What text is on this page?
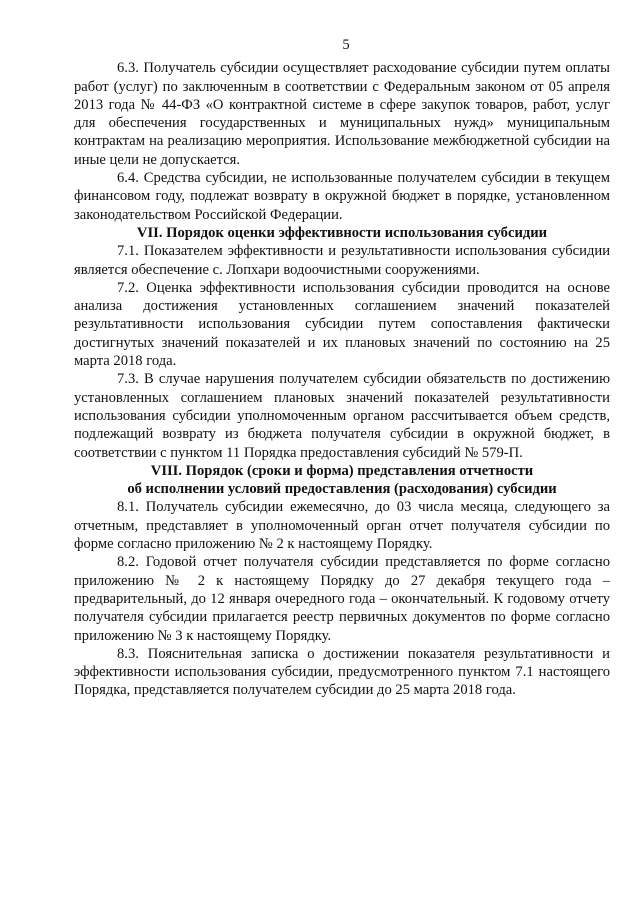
5

6.3. Получатель субсидии осуществляет расходование субсидии путем оплаты работ (услуг) по заключенным в соответствии с Федеральным законом от 05 апреля 2013 года № 44-ФЗ «О контрактной системе в сфере закупок товаров, работ, услуг для обеспечения государственных и муниципальных нужд» муниципальным контрактам на реализацию мероприятия. Использование межбюджетной субсидии на иные цели не допускается.

6.4. Средства субсидии, не использованные получателем субсидии в текущем финансовом году, подлежат возврату в окружной бюджет в порядке, установленном законодательством Российской Федерации.

VII. Порядок оценки эффективности использования субсидии

7.1. Показателем эффективности и результативности использования субсидии является обеспечение с. Лопхари водоочистными сооружениями.

7.2. Оценка эффективности использования субсидии проводится на основе анализа достижения установленных соглашением значений показателей результативности использования субсидии путем сопоставления фактически достигнутых значений показателей и их плановых значений по состоянию на 25 марта 2018 года.

7.3. В случае нарушения получателем субсидии обязательств по достижению установленных соглашением плановых значений показателей результативности использования субсидии уполномоченным органом рассчитывается объем средств, подлежащий возврату из бюджета получателя субсидии в окружной бюджет, в соответствии с пунктом 11 Порядка предоставления субсидий № 579-П.

VIII. Порядок (сроки и форма) представления отчетности
об исполнении условий предоставления (расходования) субсидии

8.1. Получатель субсидии ежемесячно, до 03 числа месяца, следующего за отчетным, представляет в уполномоченный орган отчет получателя субсидии по форме согласно приложению № 2 к настоящему Порядку.

8.2. Годовой отчет получателя субсидии представляется по форме согласно приложению № 2 к настоящему Порядку до 27 декабря текущего года – предварительный, до 12 января очередного года – окончательный. К годовому отчету получателя субсидии прилагается реестр первичных документов по форме согласно приложению № 3 к настоящему Порядку.

8.3. Пояснительная записка о достижении показателя результативности и эффективности использования субсидии, предусмотренного пунктом 7.1 настоящего Порядка, представляется получателем субсидии до 25 марта 2018 года.
